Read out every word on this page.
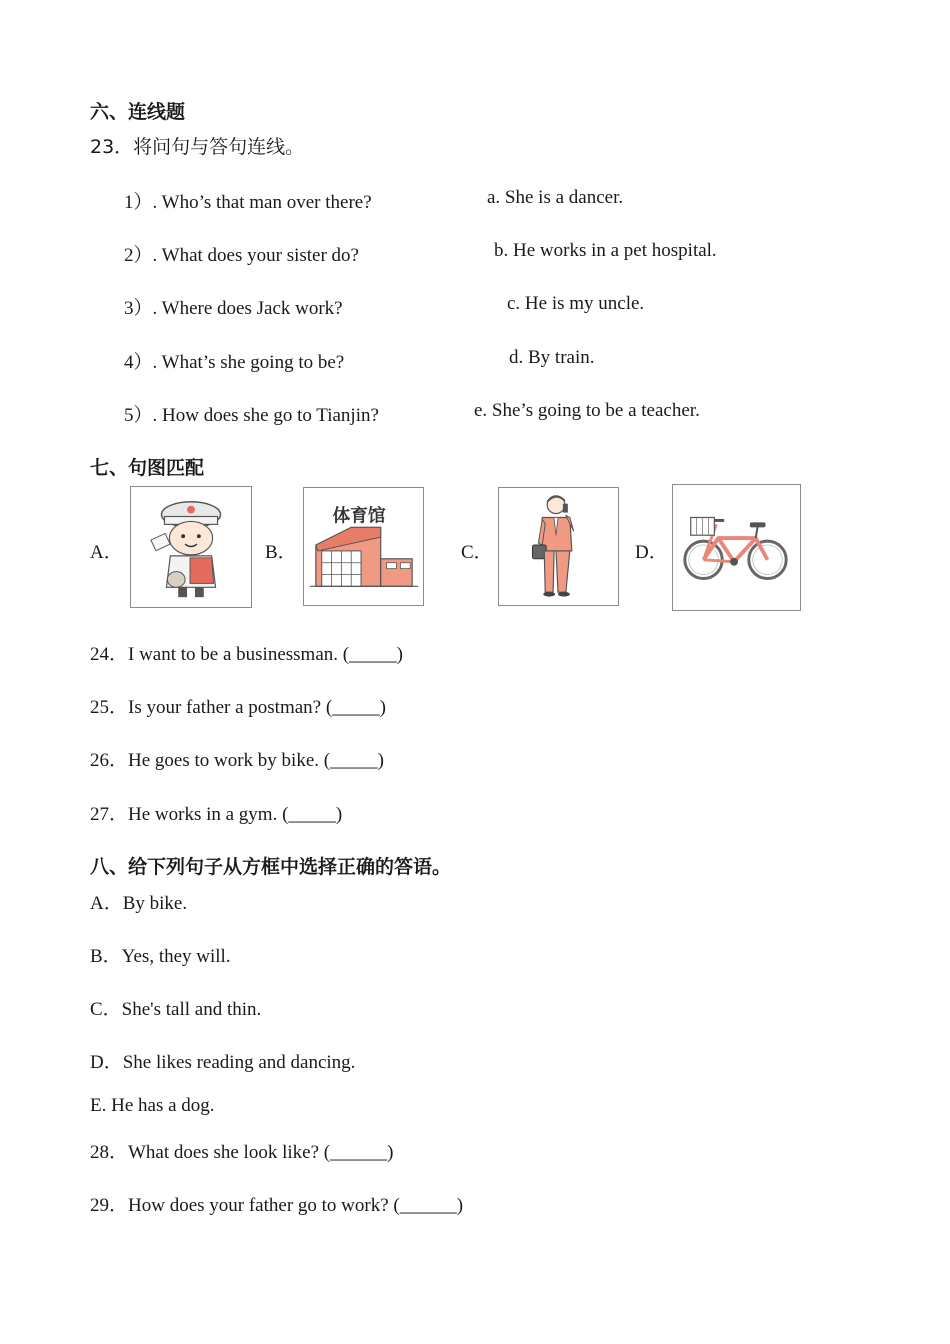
六、连线题
23．将问句与答句连线。
1）. Who’s that man over there?
2）. What does your sister do?
3）. Where does Jack work?
4）. What’s she going to be?
5）. How does she go to Tianjin?
a. She is a dancer.
b. He works in a pet hospital.
c. He is my uncle.
d. By train.
e. She’s going to be a teacher.
七、句图匹配
A．	B．
体育馆
C．	D．
24．I want to be a businessman. (_____)
25．Is your father a postman? (_____)
26．He goes to work by bike. (_____)
27．He works in a gym. (_____)
八、给下列句子从方框中选择正确的答语。
A．By bike.
B．Yes, they will.
C．She's tall and thin.
D．She likes reading and dancing.
E. He has a dog.
28．What does she look like? (______)
29．How does your father go to work? (______)
